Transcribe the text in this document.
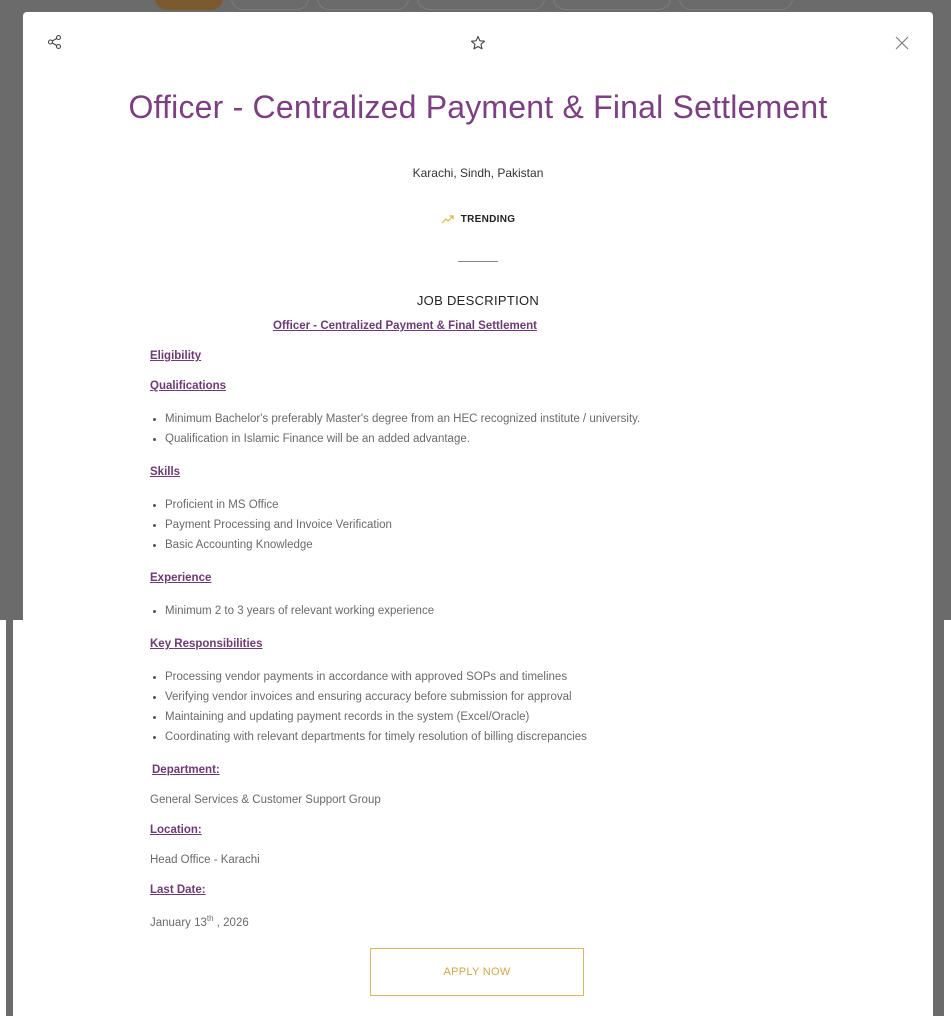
Officer - Centralized Payment & Final Settlement
Karachi, Sindh, Pakistan
TRENDING
JOB DESCRIPTION
Officer - Centralized Payment & Final Settlement
Eligibility
Qualifications
Minimum Bachelor's preferably Master's degree from an HEC recognized institute / university.
Qualification in Islamic Finance will be an added advantage.
Skills
Proficient in MS Office
Payment Processing and Invoice Verification
Basic Accounting Knowledge
Experience
Minimum 2 to 3 years of relevant working experience
Key Responsibilities
Processing vendor payments in accordance with approved SOPs and timelines
Verifying vendor invoices and ensuring accuracy before submission for approval
Maintaining and updating payment records in the system (Excel/Oracle)
Coordinating with relevant departments for timely resolution of billing discrepancies
Department:
General Services & Customer Support Group
Location:
Head Office - Karachi
Last Date:
January 13th , 2026
APPLY NOW
